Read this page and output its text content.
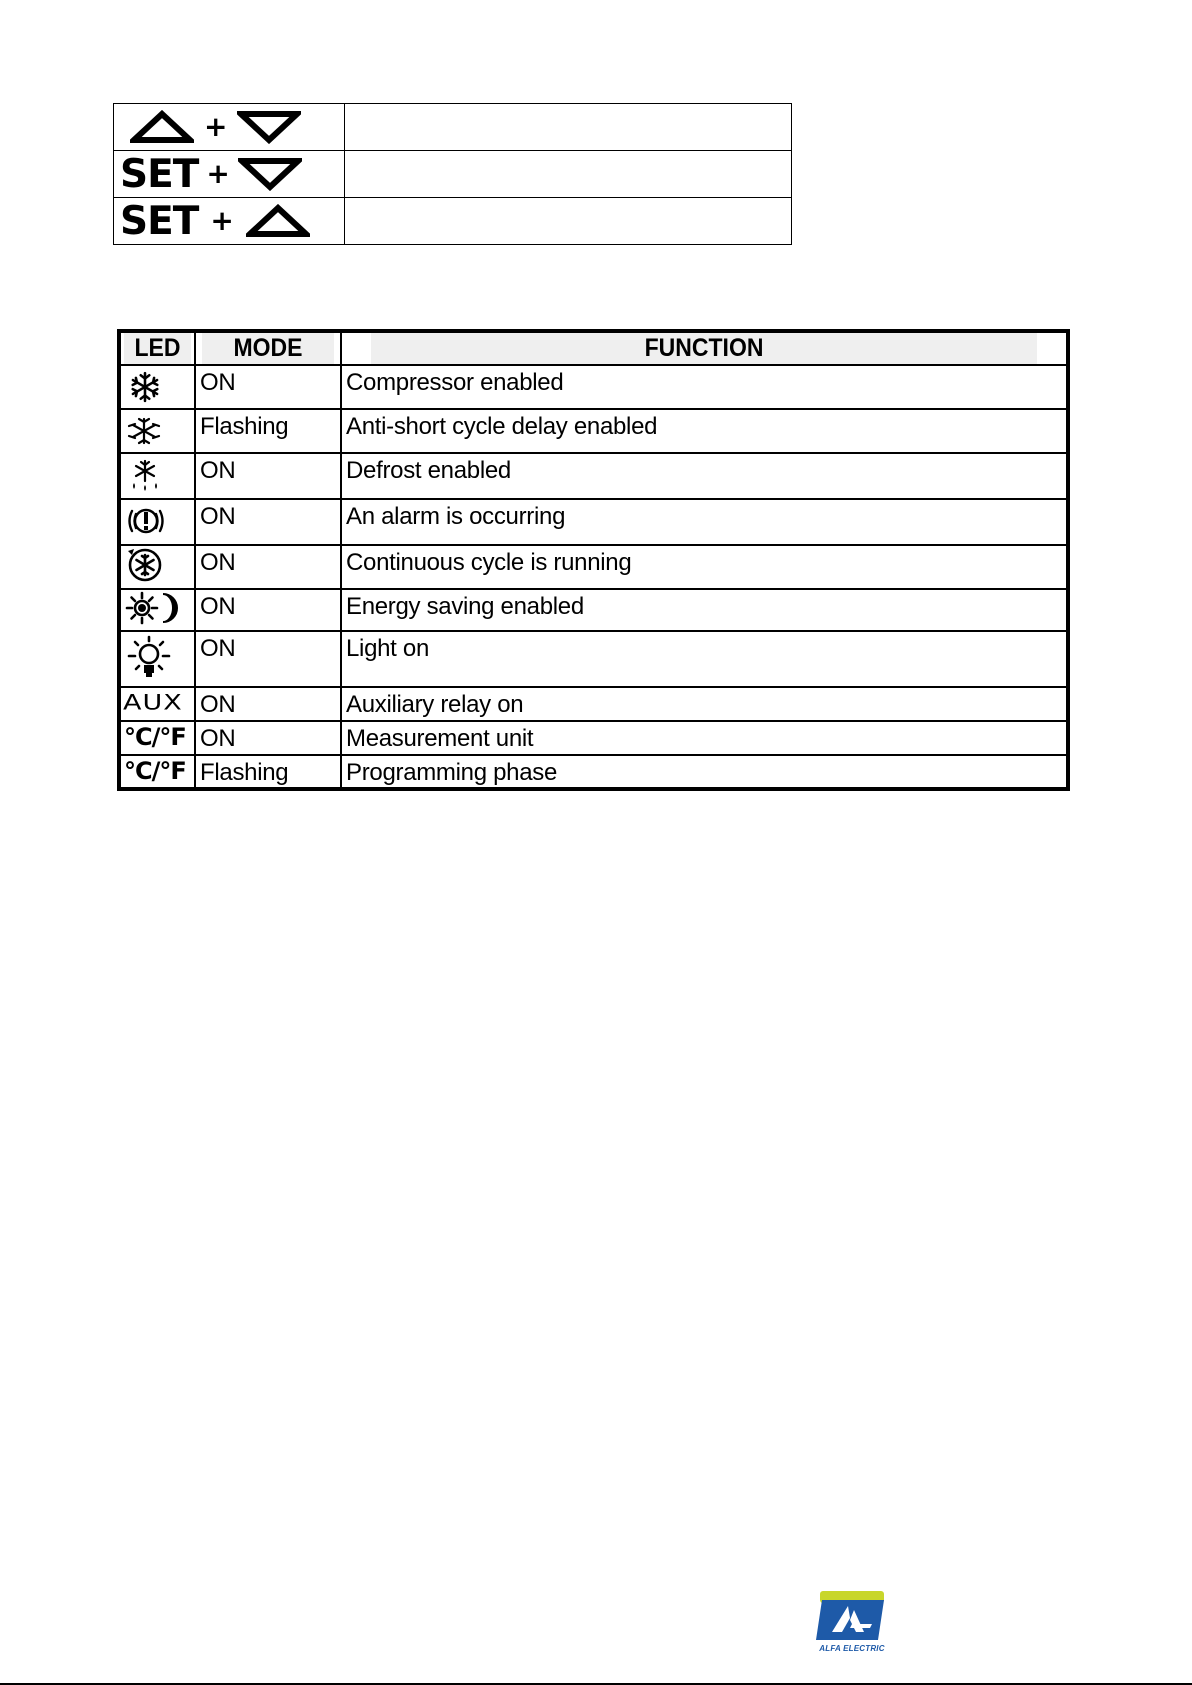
+	

SET +	

SET +	

LED	MODE	FUNCTION
	ON	Compressor enabled
	Flashing	Anti-short cycle delay enabled
	ON	Defrost enabled
	ON	An alarm is occurring
	ON	Continuous cycle is running
	ON	Energy saving enabled
	ON	Light on
AUX	ON	Auxiliary relay on
°C/°F	ON	Measurement unit
°C/°F	Flashing	Programming phase
ALFA ELECTRIC
